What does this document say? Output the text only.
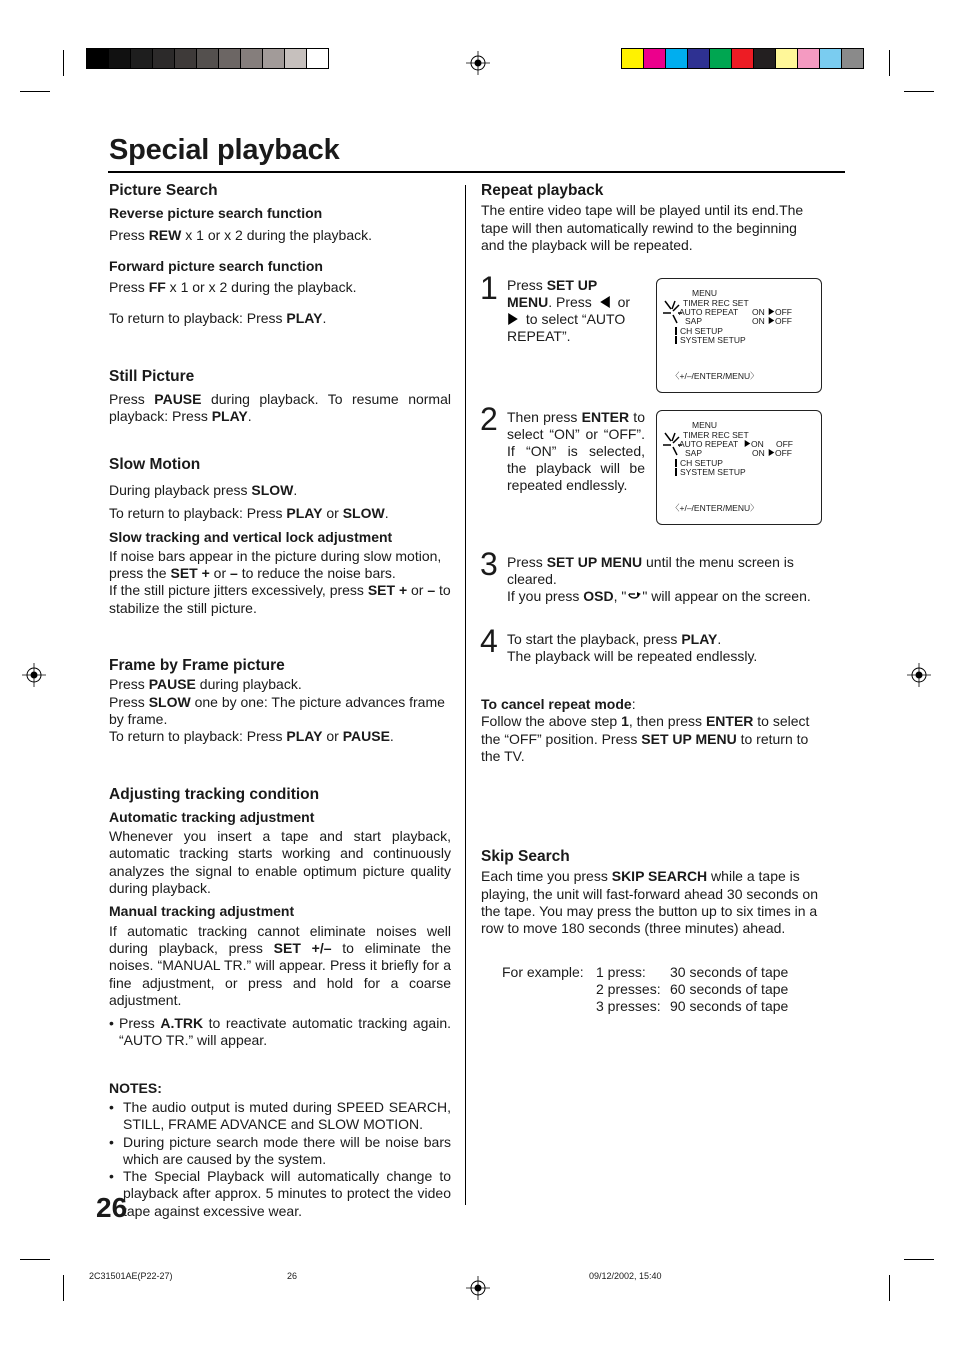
Special playback
Picture Search
Reverse picture search function
Press REW x 1 or x 2 during the playback.
Forward picture search function
Press FF x 1 or x 2 during the playback.
To return to playback: Press PLAY.
Still Picture
Press PAUSE during playback. To resume normal playback: Press PLAY.
Slow Motion
During playback press SLOW.
To return to playback: Press PLAY or SLOW.
Slow tracking and vertical lock adjustment
If noise bars appear in the picture during slow motion, press the SET + or – to reduce the noise bars.
If the still picture jitters excessively, press SET + or – to stabilize the still picture.
Frame by Frame picture
Press PAUSE during playback.
Press SLOW one by one: The picture advances frame by frame.
To return to playback: Press PLAY or PAUSE.
Adjusting tracking condition
Automatic tracking adjustment
Whenever you insert a tape and start playback, automatic tracking starts working and continuously analyzes the signal to enable optimum picture quality during playback.
Manual tracking adjustment
If automatic tracking cannot eliminate noises well during playback, press SET +/– to eliminate the noises. “MANUAL TR.” will appear. Press it briefly for a fine adjustment, or press and hold for a coarse adjustment.
• Press A.TRK to reactivate automatic tracking again. “AUTO TR.” will appear.
NOTES:
• The audio output is muted during SPEED SEARCH, STILL, FRAME ADVANCE and SLOW MOTION.
• During picture search mode there will be noise bars which are caused by the system.
• The Special Playback will automatically change to playback after approx. 5 minutes to protect the video tape against excessive wear.
Repeat playback
The entire video tape will be played until its end.The tape will then automatically rewind to the beginning and the playback will be repeated.
1 Press SET UP MENU. Press  or  to select “AUTO REPEAT”.
MENU
TIMER REC SET
AUTO REPEAT
SAP
CH SETUP
SYSTEM SETUP
ON	OFF
ON	OFF
〈+/–/ENTER/MENU〉
2 Then press ENTER to select “ON” or “OFF”. If “ON” is selected, the playback will be repeated endlessly.
MENU
TIMER REC SET
AUTO REPEAT
SAP
CH SETUP
SYSTEM SETUP
ON OFF
ON	OFF
〈+/–/ENTER/MENU〉
3 Press SET UP MENU until the menu screen is cleared.
If you press OSD, " " will appear on the screen.
4 To start the playback, press PLAY.
The playback will be repeated endlessly.
To cancel repeat mode:
Follow the above step 1, then press ENTER to select the “OFF” position. Press SET UP MENU to return to the TV.
Skip Search
Each time you press SKIP SEARCH while a tape is playing, the unit will fast-forward ahead 30 seconds on the tape. You may press the button up to six times in a row to move 180 seconds (three minutes) ahead.
For example: 1 press: 30 seconds of tape
2 presses: 60 seconds of tape
3 presses: 90 seconds of tape
26
2C31501AE(P22-27)	26	09/12/2002, 15:40
